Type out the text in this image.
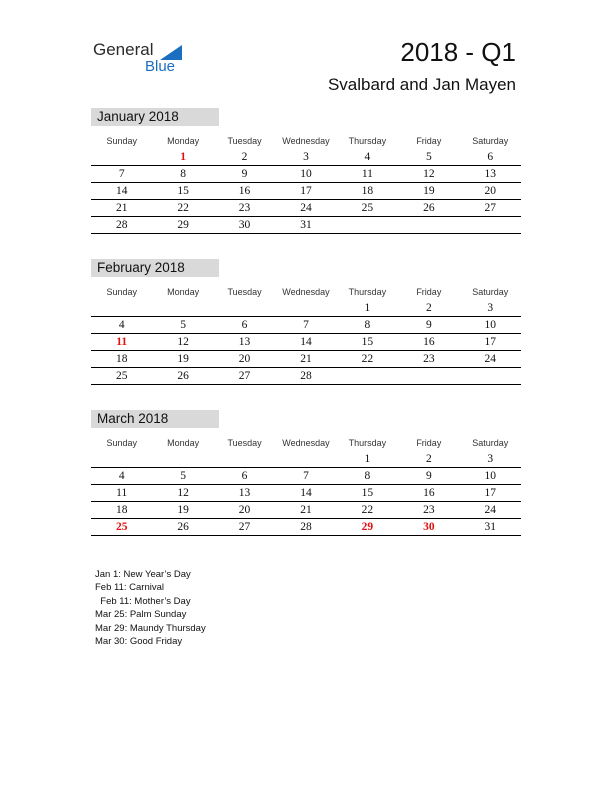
General
Blue	2018 - Q1
Svalbard and Jan Mayen
January 2018
Sunday	Monday	Tuesday	Wednesday	Thursday	Friday	Saturday
	1	2	3	4	5	6
7	8	9	10	11	12	13
14	15	16	17	18	19	20
21	22	23	24	25	26	27
28	29	30	31			
February 2018
Sunday	Monday	Tuesday	Wednesday	Thursday	Friday	Saturday
				1	2	3
4	5	6	7	8	9	10
11	12	13	14	15	16	17
18	19	20	21	22	23	24
25	26	27	28			
March 2018
Sunday	Monday	Tuesday	Wednesday	Thursday	Friday	Saturday
				1	2	3
4	5	6	7	8	9	10
11	12	13	14	15	16	17
18	19	20	21	22	23	24
25	26	27	28	29	30	31
Jan 1: New Year’s Day
Feb 11: Carnival
Feb 11: Mother’s Day
Mar 25: Palm Sunday
Mar 29: Maundy Thursday
Mar 30: Good Friday
